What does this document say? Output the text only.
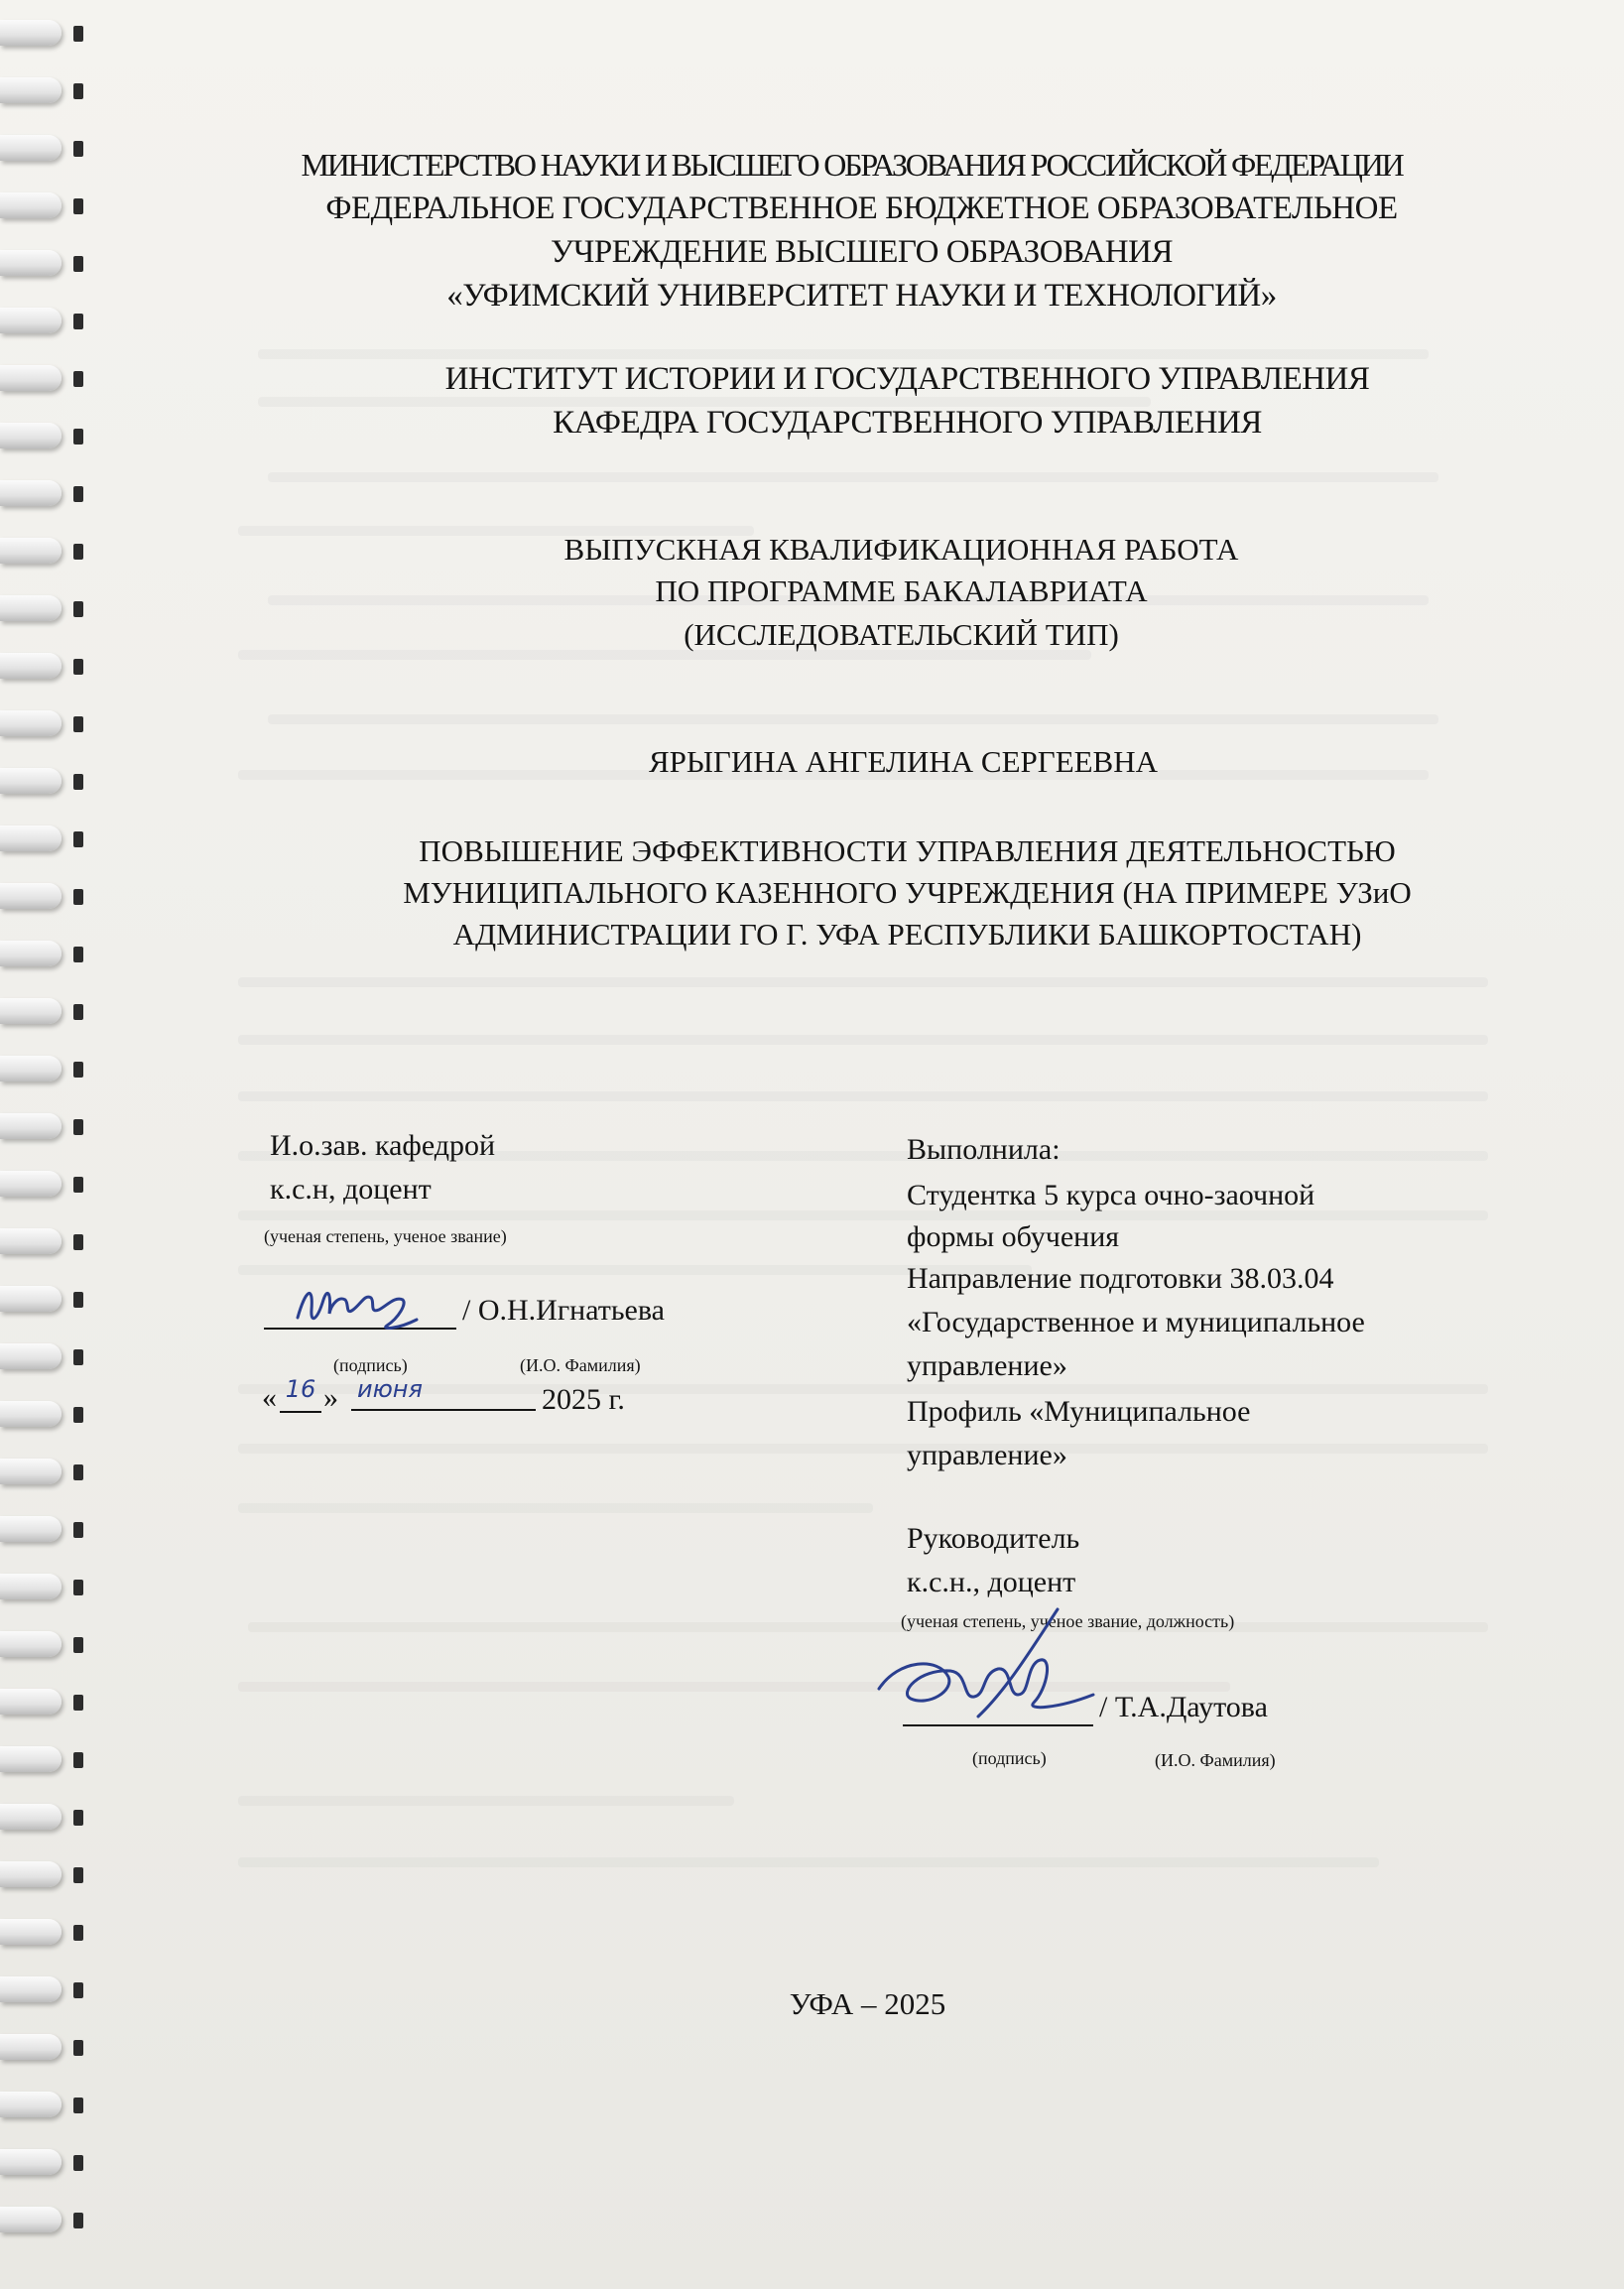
МИНИСТЕРСТВО НАУКИ И ВЫСШЕГО ОБРАЗОВАНИЯ РОССИЙСКОЙ ФЕДЕРАЦИИ
ФЕДЕРАЛЬНОЕ ГОСУДАРСТВЕННОЕ БЮДЖЕТНОЕ ОБРАЗОВАТЕЛЬНОЕ
УЧРЕЖДЕНИЕ ВЫСШЕГО ОБРАЗОВАНИЯ
«УФИМСКИЙ УНИВЕРСИТЕТ НАУКИ И ТЕХНОЛОГИЙ»
ИНСТИТУТ ИСТОРИИ И ГОСУДАРСТВЕННОГО УПРАВЛЕНИЯ
КАФЕДРА ГОСУДАРСТВЕННОГО УПРАВЛЕНИЯ
ВЫПУСКНАЯ КВАЛИФИКАЦИОННАЯ РАБОТА
ПО ПРОГРАММЕ БАКАЛАВРИАТА
(ИССЛЕДОВАТЕЛЬСКИЙ ТИП)
ЯРЫГИНА АНГЕЛИНА СЕРГЕЕВНА
ПОВЫШЕНИЕ ЭФФЕКТИВНОСТИ УПРАВЛЕНИЯ ДЕЯТЕЛЬНОСТЬЮ
МУНИЦИПАЛЬНОГО КАЗЕННОГО УЧРЕЖДЕНИЯ (НА ПРИМЕРЕ УЗиО
АДМИНИСТРАЦИИ ГО Г. УФА РЕСПУБЛИКИ БАШКОРТОСТАН)
И.о.зав. кафедрой
к.с.н, доцент
(ученая степень, ученое звание)
/ О.Н.Игнатьева
(подпись)	(И.О. Фамилия)
« 16 » июня	2025 г.
Выполнила:
Студентка 5 курса очно-заочной
формы обучения
Направление подготовки 38.03.04
«Государственное и муниципальное
управление»
Профиль «Муниципальное
управление»
Руководитель
к.с.н., доцент
(ученая степень, ученое звание, должность)
/ Т.А.Даутова
(подпись)	(И.О. Фамилия)
УФА – 2025
